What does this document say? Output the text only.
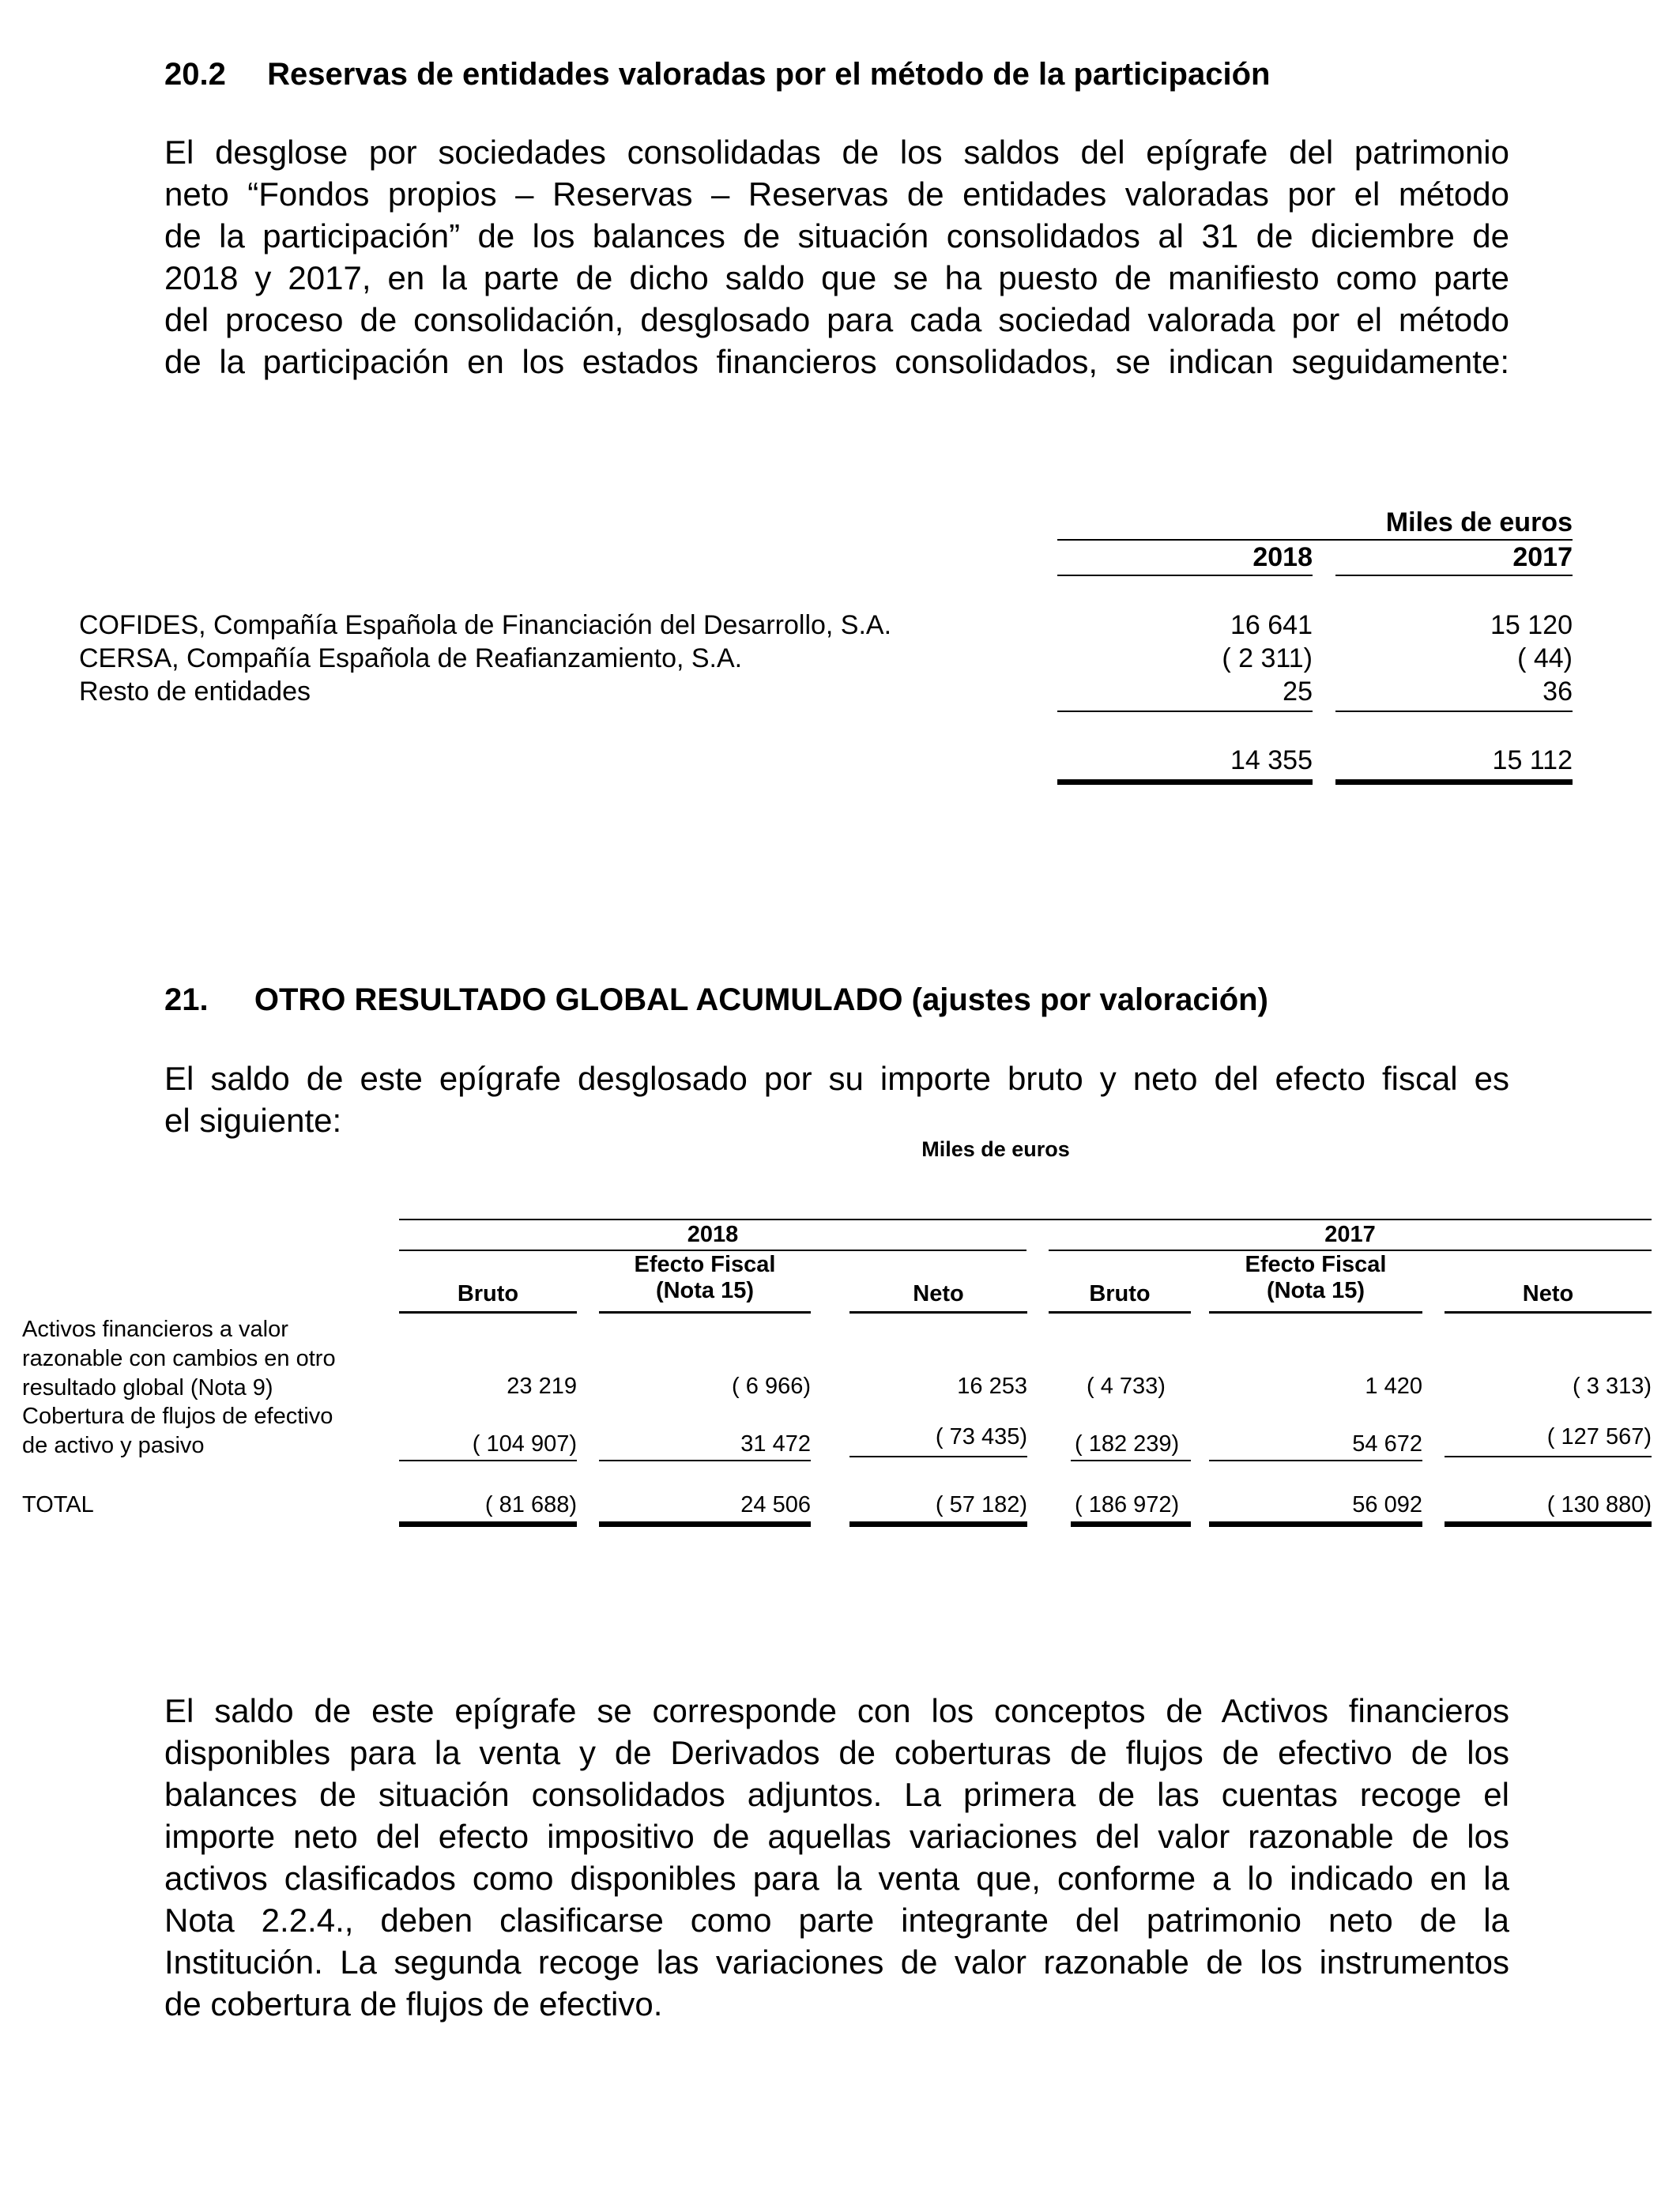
20.2 Reservas de entidades valoradas por el método de la participación
El desglose por sociedades consolidadas de los saldos del epígrafe del patrimonio
neto “Fondos propios – Reservas – Reservas de entidades valoradas por el método
de la participación” de los balances de situación consolidados al 31 de diciembre de
2018 y 2017, en la parte de dicho saldo que se ha puesto de manifiesto como parte
del proceso de consolidación, desglosado para cada sociedad valorada por el método
de la participación en los estados financieros consolidados, se indican seguidamente:
Miles de euros
2018	2017
COFIDES, Compañía Española de Financiación del Desarrollo, S.A.	16 641	15 120
CERSA, Compañía Española de Reafianzamiento, S.A.	( 2 311)	( 44)
Resto de entidades	25	36
14 355	15 112
21. OTRO RESULTADO GLOBAL ACUMULADO (ajustes por valoración)
El saldo de este epígrafe desglosado por su importe bruto y neto del efecto fiscal es
el siguiente:
Miles de euros
2018	2017
Bruto
Efecto Fiscal
(Nota 15)	Neto	Bruto
Efecto Fiscal
(Nota 15)	Neto
Activos financieros a valor
razonable con cambios en otro
resultado global (Nota 9)	23 219	( 6 966)	16 253	( 4 733)	1 420	( 3 313)
Cobertura de flujos de efectivo
de activo y pasivo	( 104 907)	31 472	( 73 435) ( 182 239)	54 672	( 127 567)
TOTAL	( 81 688)	24 506	( 57 182) ( 186 972)	56 092	( 130 880)
El saldo de este epígrafe se corresponde con los conceptos de Activos financieros
disponibles para la venta y de Derivados de coberturas de flujos de efectivo de los
balances de situación consolidados adjuntos. La primera de las cuentas recoge el
importe neto del efecto impositivo de aquellas variaciones del valor razonable de los
activos clasificados como disponibles para la venta que, conforme a lo indicado en la
Nota 2.2.4., deben clasificarse como parte integrante del patrimonio neto de la
Institución. La segunda recoge las variaciones de valor razonable de los instrumentos
de cobertura de flujos de efectivo.
